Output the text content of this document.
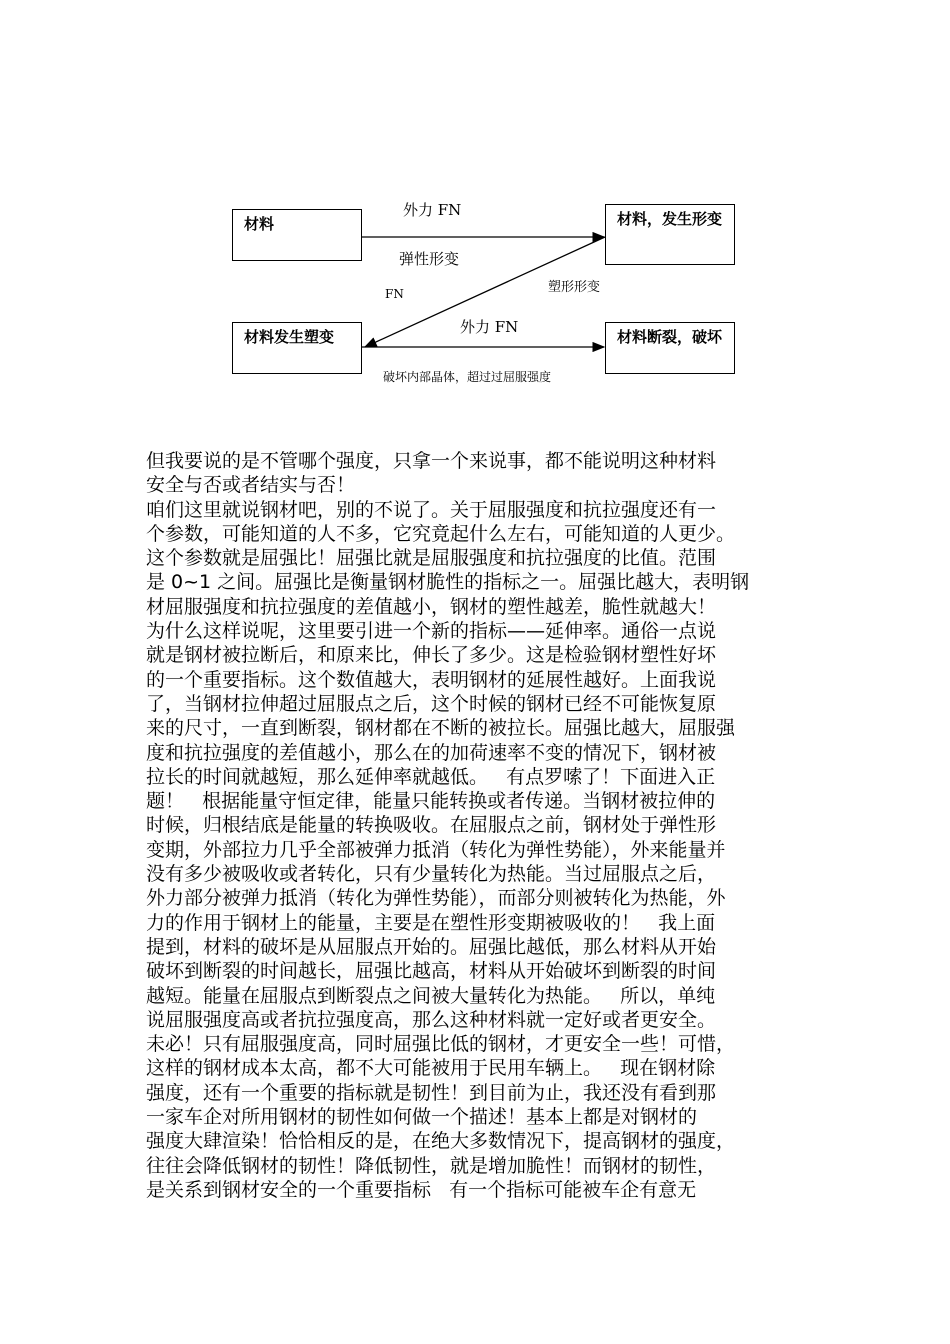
材料	材料，发生形变
材料发生塑变	材料断裂，破坏
外力 FN
弹性形变
塑形形变
FN
外力 FN
破坏内部晶体，超过过屈服强度
但我要说的是不管哪个强度，只拿一个来说事，都不能说明这种材料
安全与否或者结实与否！
咱们这里就说钢材吧，别的不说了。关于屈服强度和抗拉强度还有一
个参数，可能知道的人不多，它究竟起什么左右，可能知道的人更少。
这个参数就是屈强比！屈强比就是屈服强度和抗拉强度的比值。范围
是 0~1 之间。屈强比是衡量钢材脆性的指标之一。屈强比越大，表明钢
材屈服强度和抗拉强度的差值越小，钢材的塑性越差，脆性就越大！
为什么这样说呢，这里要引进一个新的指标——延伸率。通俗一点说
就是钢材被拉断后，和原来比，伸长了多少。这是检验钢材塑性好坏
的一个重要指标。这个数值越大，表明钢材的延展性越好。上面我说
了，当钢材拉伸超过屈服点之后，这个时候的钢材已经不可能恢复原
来的尺寸，一直到断裂，钢材都在不断的被拉长。屈强比越大，屈服强
度和抗拉强度的差值越小，那么在的加荷速率不变的情况下，钢材被
拉长的时间就越短，那么延伸率就越低。   有点罗嗦了！下面进入正
题！   根据能量守恒定律，能量只能转换或者传递。当钢材被拉伸的
时候，归根结底是能量的转换吸收。在屈服点之前，钢材处于弹性形
变期，外部拉力几乎全部被弹力抵消（转化为弹性势能），外来能量并
没有多少被吸收或者转化，只有少量转化为热能。当过屈服点之后，
外力部分被弹力抵消（转化为弹性势能），而部分则被转化为热能，外
力的作用于钢材上的能量，主要是在塑性形变期被吸收的！   我上面
提到，材料的破坏是从屈服点开始的。屈强比越低，那么材料从开始
破坏到断裂的时间越长，屈强比越高，材料从开始破坏到断裂的时间
越短。能量在屈服点到断裂点之间被大量转化为热能。   所以，单纯
说屈服强度高或者抗拉强度高，那么这种材料就一定好或者更安全。
未必！只有屈服强度高，同时屈强比低的钢材，才更安全一些！可惜，
这样的钢材成本太高，都不大可能被用于民用车辆上。   现在钢材除
强度，还有一个重要的指标就是韧性！到目前为止，我还没有看到那
一家车企对所用钢材的韧性如何做一个描述！基本上都是对钢材的
强度大肆渲染！恰恰相反的是，在绝大多数情况下，提高钢材的强度，
往往会降低钢材的韧性！降低韧性，就是增加脆性！而钢材的韧性，
是关系到钢材安全的一个重要指标   有一个指标可能被车企有意无
